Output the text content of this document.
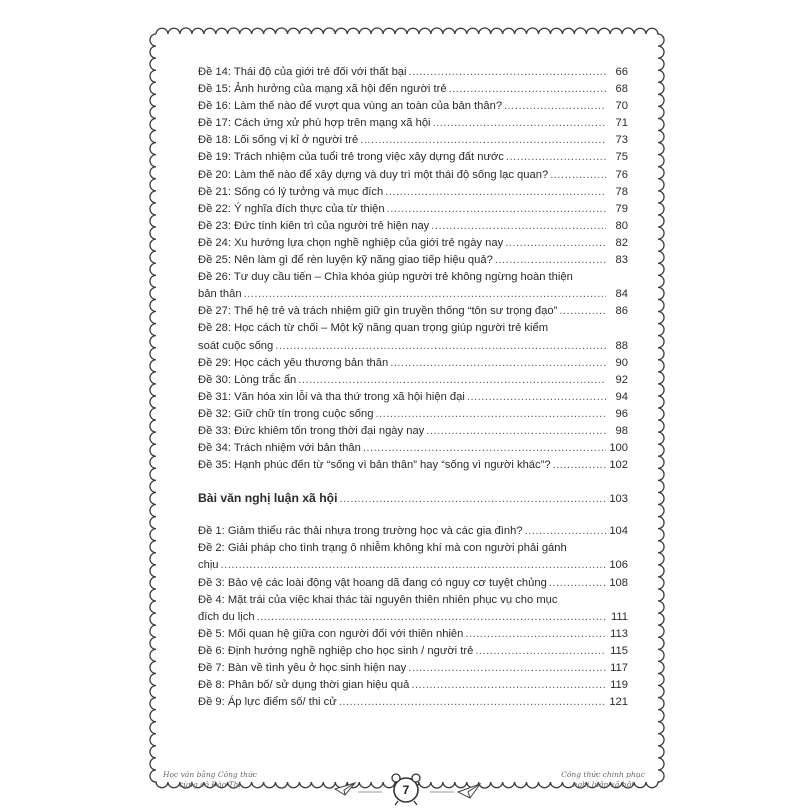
Đề 14: Thái độ của giới trẻ đối với thất bại .....	66
Đề 15: Ảnh hưởng của mạng xã hội đến người trẻ .....	68
Đề 16: Làm thế nào để vượt qua vùng an toàn của bản thân? .....	70
Đề 17: Cách ứng xử phù hợp trên mạng xã hội .....	71
Đề 18: Lối sống vị kỉ ở người trẻ .....	73
Đề 19: Trách nhiệm của tuổi trẻ trong việc xây dựng đất nước .....	75
Đề 20: Làm thế nào để xây dựng và duy trì một thái độ sống lạc quan? .....	76
Đề 21: Sống có lý tưởng và mục đích .....	78
Đề 22: Ý nghĩa đích thực của từ thiện .....	79
Đề 23: Đức tính kiên trì của người trẻ hiện nay .....	80
Đề 24: Xu hướng lựa chọn nghề nghiệp của giới trẻ ngày nay .....	82
Đề 25: Nên làm gì để rèn luyện kỹ năng giao tiếp hiệu quả? .....	83
Đề 26: Tư duy cầu tiến – Chìa khóa giúp người trẻ không ngừng hoàn thiện
bản thân .....	84
Đề 27: Thế hệ trẻ và trách nhiệm giữ gìn truyền thống “tôn sư trọng đạo” .....	86
Đề 28: Học cách từ chối – Một kỹ năng quan trọng giúp người trẻ kiểm
soát cuộc sống .....	88
Đề 29: Học cách yêu thương bản thân .....	90
Đề 30: Lòng trắc ẩn .....	92
Đề 31: Văn hóa xin lỗi và tha thứ trong xã hội hiện đại .....	94
Đề 32: Giữ chữ tín trong cuộc sống .....	96
Đề 33: Đức khiêm tốn trong thời đại ngày nay .....	98
Đề 34: Trách nhiệm với bản thân .....	100
Đề 35: Hạnh phúc đến từ “sống vì bản thân” hay “sống vì người khác”? .....	102
Bài văn nghị luận xã hội .....	103
Đề 1: Giảm thiểu rác thải nhựa trong trường học và các gia đình? .....	104
Đề 2: Giải pháp cho tình trạng ô nhiễm không khí mà con người phải gánh
chịu .....	106
Đề 3: Bảo vệ các loài động vật hoang dã đang có nguy cơ tuyệt chủng .....	108
Đề 4: Mặt trái của việc khai thác tài nguyên thiên nhiên phục vụ cho mục
đích du lịch .....	111
Đề 5: Mối quan hệ giữa con người đối với thiên nhiên .....	113
Đề 6: Định hướng nghề nghiệp cho học sinh / người trẻ .....	115
Đề 7: Bàn về tình yêu ở học sinh hiện nay .....	117
Đề 8: Phân bố/ sử dụng thời gian hiệu quả .....	119
Đề 9: Áp lực điểm số/ thi cử .....	121
Học văn bằng Công thức
cùng cô Đào Thị	7
Công thức chinh phục
nghị luận xã hội
